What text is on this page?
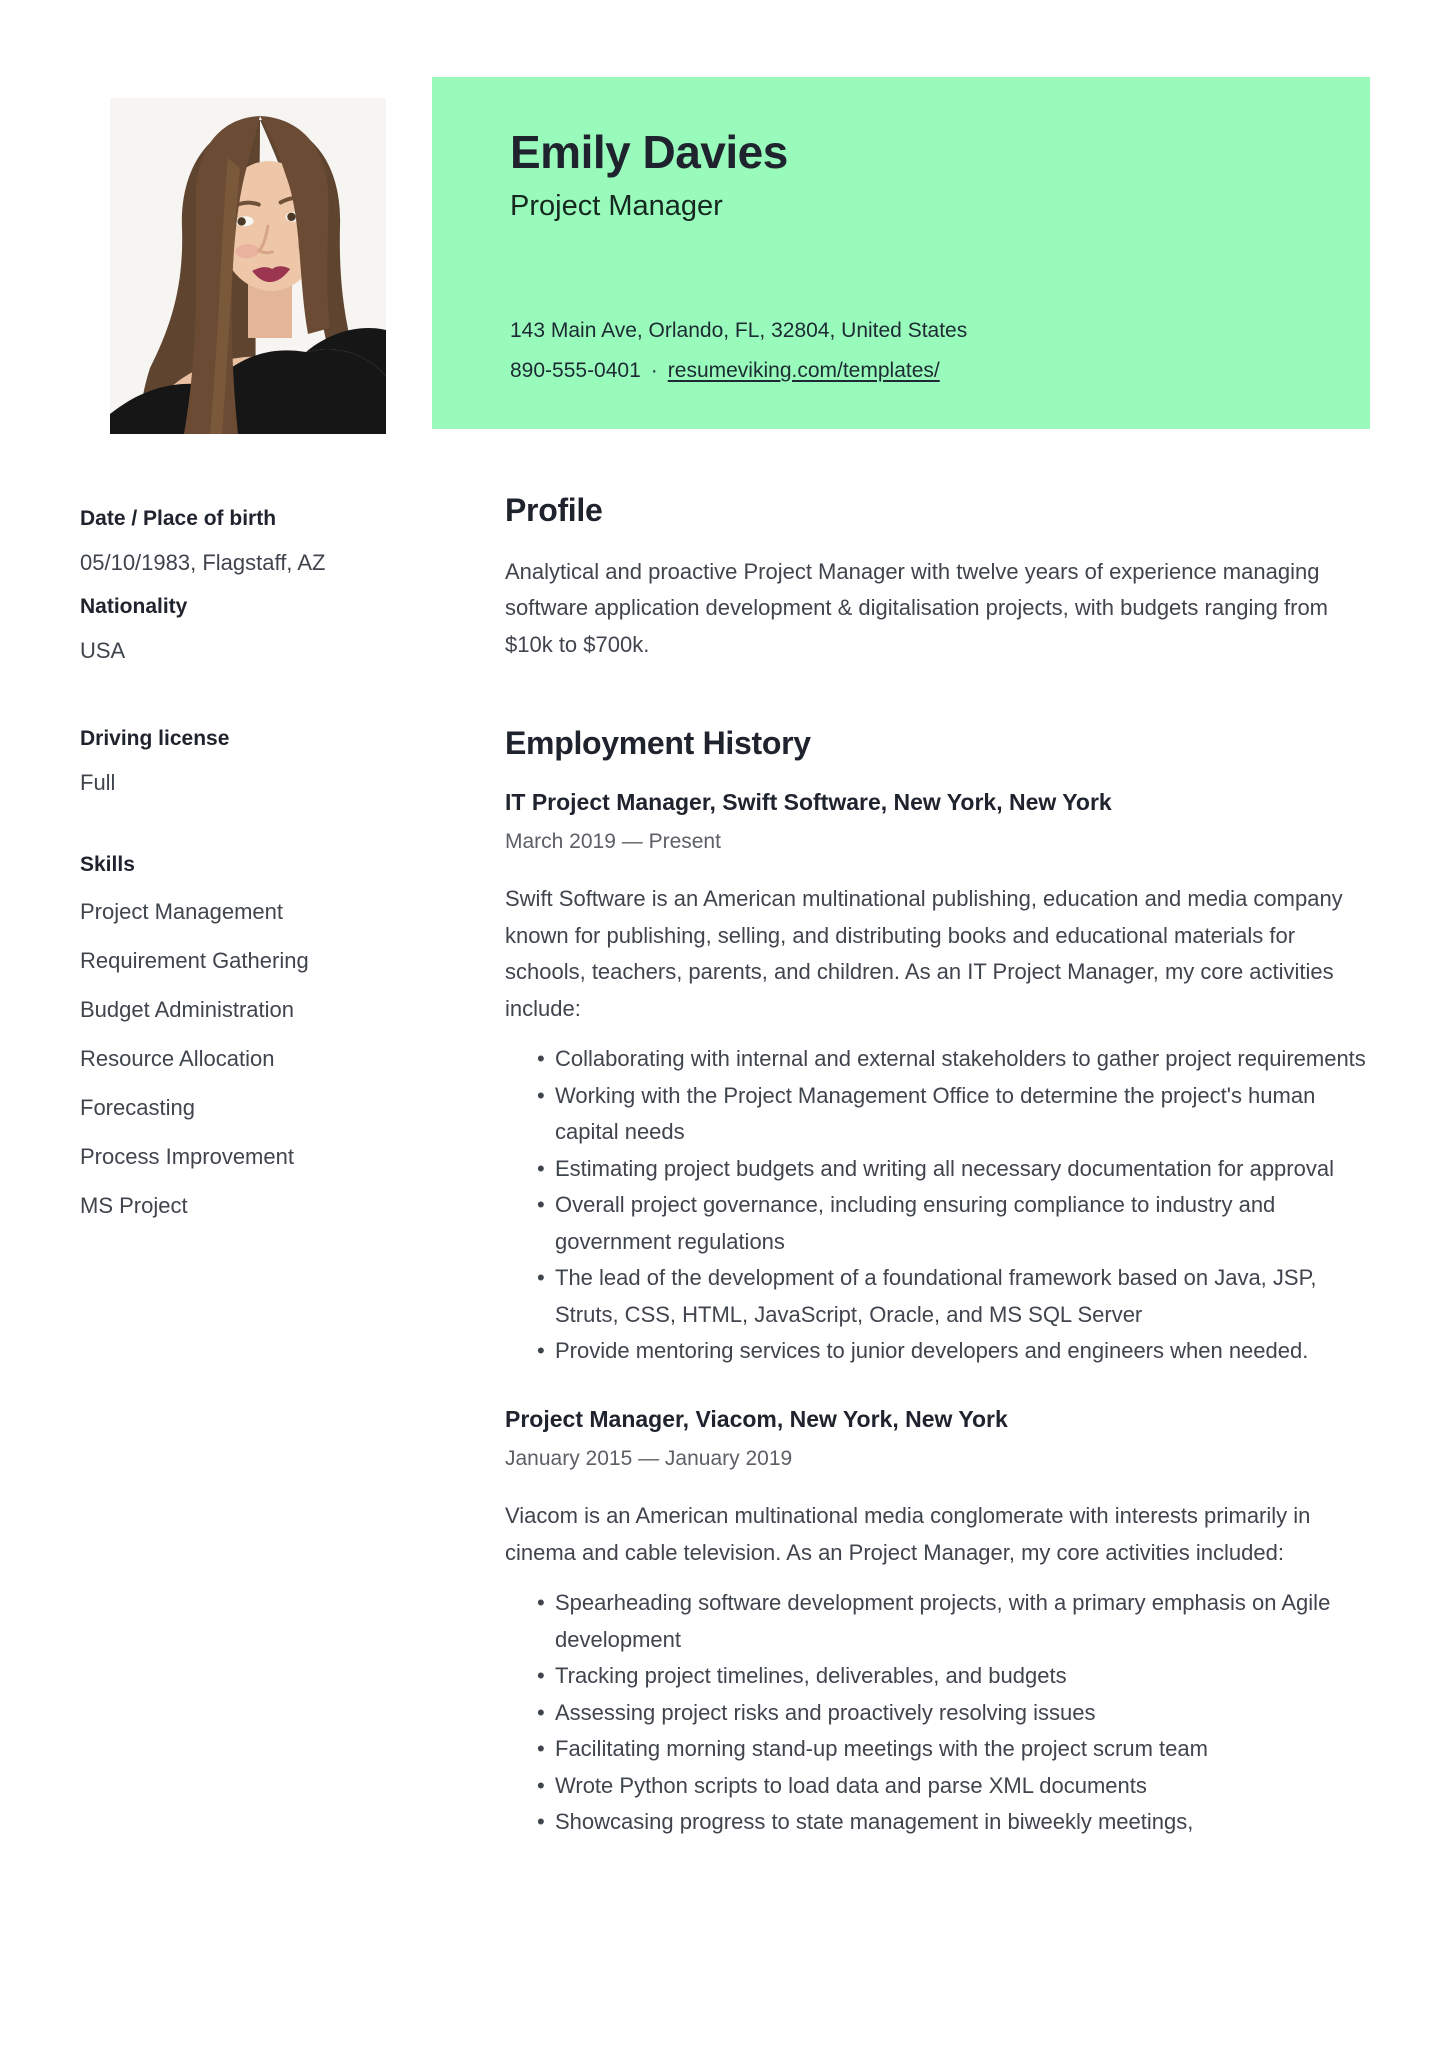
Emily Davies
Project Manager
143 Main Ave, Orlando, FL, 32804, United States
890-555-0401 · resumeviking.com/templates/
Date / Place of birth
05/10/1983, Flagstaff, AZ
Nationality
USA
Driving license
Full
Skills
Project Management
Requirement Gathering
Budget Administration
Resource Allocation
Forecasting
Process Improvement
MS Project
Profile

Analytical and proactive Project Manager with twelve years of experience managing software application development & digitalisation projects, with budgets ranging from $10k to $700k.

Employment History
IT Project Manager, Swift Software, New York, New York
March 2019 — Present

Swift Software is an American multinational publishing, education and media company known for publishing, selling, and distributing books and educational materials for schools, teachers, parents, and children. As an IT Project Manager, my core activities include:

• Collaborating with internal and external stakeholders to gather project requirements
• Working with the Project Management Office to determine the project's human capital needs
• Estimating project budgets and writing all necessary documentation for approval
• Overall project governance, including ensuring compliance to industry and government regulations
• The lead of the development of a foundational framework based on Java, JSP, Struts, CSS, HTML, JavaScript, Oracle, and MS SQL Server
• Provide mentoring services to junior developers and engineers when needed.
Project Manager, Viacom, New York, New York
January 2015 — January 2019

Viacom is an American multinational media conglomerate with interests primarily in cinema and cable television. As an Project Manager, my core activities included:

• Spearheading software development projects, with a primary emphasis on Agile development
• Tracking project timelines, deliverables, and budgets
• Assessing project risks and proactively resolving issues
• Facilitating morning stand-up meetings with the project scrum team
• Wrote Python scripts to load data and parse XML documents
• Showcasing progress to state management in biweekly meetings,
